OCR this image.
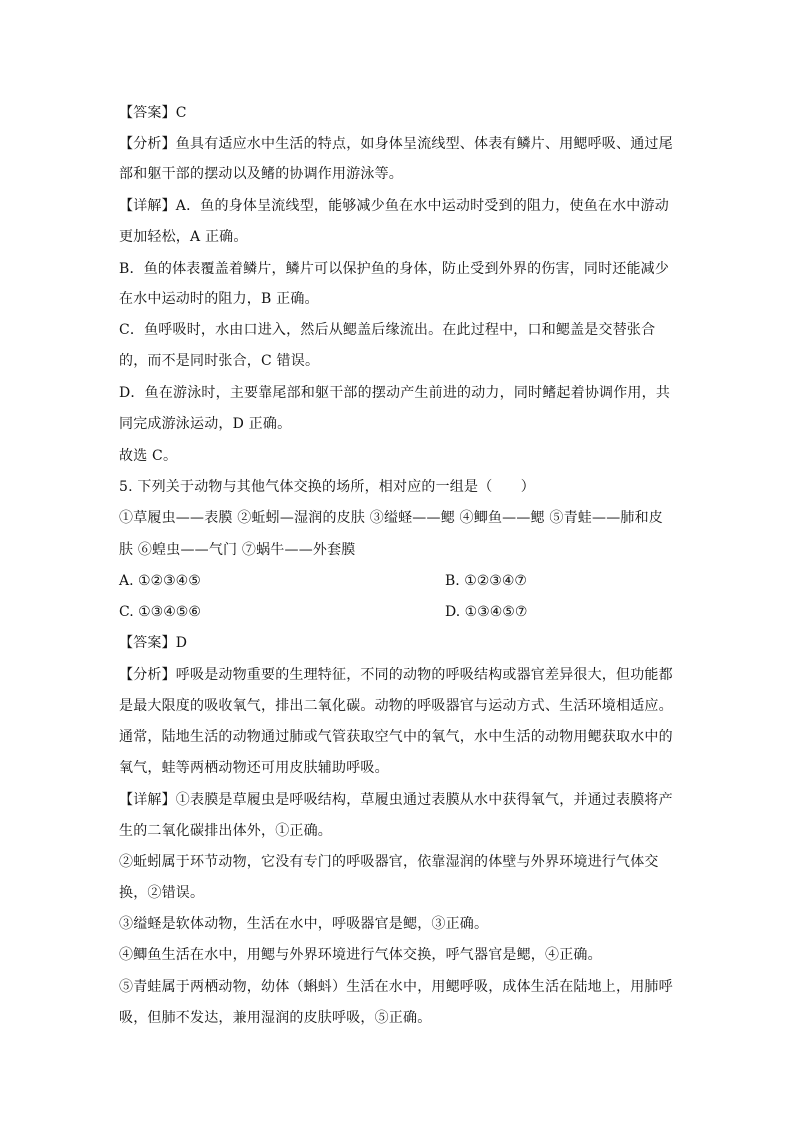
【答案】C
【分析】鱼具有适应水中生活的特点，如身体呈流线型、体表有鳞片、用鳃呼吸、通过尾
部和躯干部的摆动以及鳍的协调作用游泳等。
【详解】A．鱼的身体呈流线型，能够减少鱼在水中运动时受到的阻力，使鱼在水中游动
更加轻松，A 正确。
B．鱼的体表覆盖着鳞片，鳞片可以保护鱼的身体，防止受到外界的伤害，同时还能减少
在水中运动时的阻力，B 正确。
C．鱼呼吸时，水由口进入，然后从鳃盖后缘流出。在此过程中，口和鳃盖是交替张合
的，而不是同时张合，C 错误。
D．鱼在游泳时，主要靠尾部和躯干部的摆动产生前进的动力，同时鳍起着协调作用，共
同完成游泳运动，D 正确。
故选 C。
5. 下列关于动物与其他气体交换的场所，相对应的一组是（　　）
①草履虫——表膜 ②蚯蚓—湿润的皮肤 ③缢蛏——鳃 ④鲫鱼——鳃 ⑤青蛙——肺和皮
肤 ⑥蝗虫——气门 ⑦蜗牛——外套膜
A. ①②③④⑤	B. ①②③④⑦
C. ①③④⑤⑥	D. ①③④⑤⑦
【答案】D
【分析】呼吸是动物重要的生理特征，不同的动物的呼吸结构或器官差异很大，但功能都
是最大限度的吸收氧气，排出二氧化碳。动物的呼吸器官与运动方式、生活环境相适应。
通常，陆地生活的动物通过肺或气管获取空气中的氧气，水中生活的动物用鳃获取水中的
氧气，蛙等两栖动物还可用皮肤辅助呼吸。
【详解】①表膜是草履虫是呼吸结构，草履虫通过表膜从水中获得氧气，并通过表膜将产
生的二氧化碳排出体外，①正确。
②蚯蚓属于环节动物，它没有专门的呼吸器官，依靠湿润的体壁与外界环境进行气体交
换，②错误。
③缢蛏是软体动物，生活在水中，呼吸器官是鳃，③正确。
④鲫鱼生活在水中，用鳃与外界环境进行气体交换，呼气器官是鳃，④正确。
⑤青蛙属于两栖动物，幼体（蝌蚪）生活在水中，用鳃呼吸，成体生活在陆地上，用肺呼
吸，但肺不发达，兼用湿润的皮肤呼吸，⑤正确。
